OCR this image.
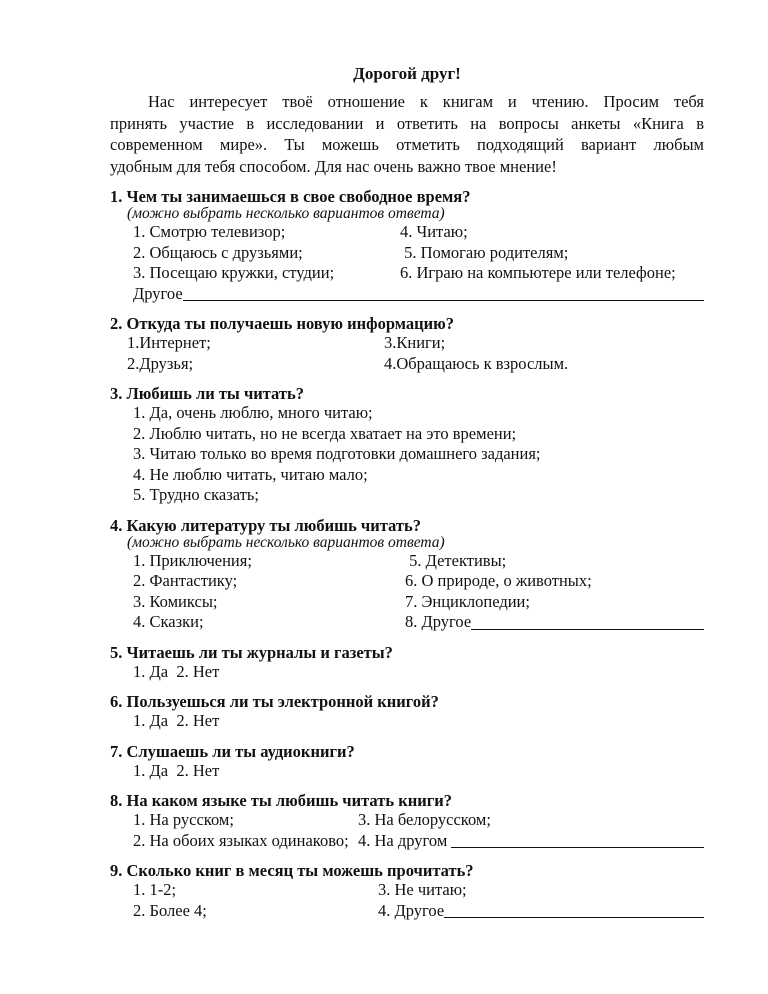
Дорогой друг!
Нас интересует твоё отношение к книгам и чтению. Просим тебя
принять участие в исследовании и ответить на вопросы анкеты «Книга в
современном мире». Ты можешь отметить подходящий вариант любым
удобным для тебя способом. Для нас очень важно твое мнение!
1. Чем ты занимаешься в свое свободное время?
(можно выбрать несколько вариантов ответа)
1. Смотрю телевизор;
2. Общаюсь с друзьями;
3. Посещаю кружки, студии;
4. Читаю;
5. Помогаю родителям;
6. Играю на компьютере или телефоне;
Другое
2. Откуда ты получаешь новую информацию?
1.Интернет;
2.Друзья;
3.Книги;
4.Обращаюсь к взрослым.
3. Любишь ли ты читать?
1. Да, очень люблю, много читаю;
2. Люблю читать, но не всегда хватает на это времени;
3. Читаю только во время подготовки домашнего задания;
4. Не люблю читать, читаю мало;
5. Трудно сказать;
4. Какую литературу ты любишь читать?
(можно выбрать несколько вариантов ответа)
1. Приключения;
2. Фантастику;
3. Комиксы;
4. Сказки;
5. Детективы;
6. О природе, о животных;
7. Энциклопедии;
8. Другое
5. Читаешь ли ты журналы и газеты?
1. Да  2. Нет
6. Пользуешься ли ты электронной книгой?
1. Да  2. Нет
7. Слушаешь ли ты аудиокниги?
1. Да  2. Нет
8. На каком языке ты любишь читать книги?
1. На русском;
2. На обоих языках одинаково;
3. На белорусском;
4. На другом
9. Сколько книг в месяц ты можешь прочитать?
1. 1-2;
2. Более 4;
3. Не читаю;
4. Другое
